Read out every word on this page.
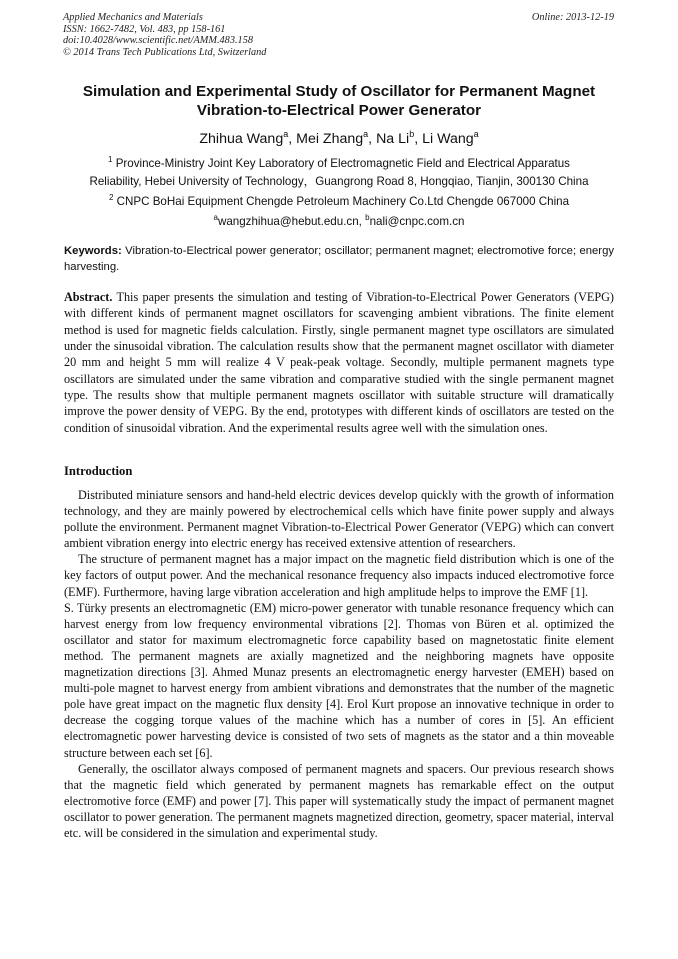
Applied Mechanics and Materials
ISSN: 1662-7482, Vol. 483, pp 158-161
doi:10.4028/www.scientific.net/AMM.483.158
© 2014 Trans Tech Publications Ltd, Switzerland
Online: 2013-12-19
Simulation and Experimental Study of Oscillator for Permanent Magnet
Vibration-to-Electrical Power Generator
Zhihua Wang$^a$, Mei Zhang$^a$, Na Li$^b$, Li Wang$^a$
$^1$ Province-Ministry Joint Key Laboratory of Electromagnetic Field and Electrical Apparatus
Reliability, Hebei University of Technology，Guangrong Road 8, Hongqiao, Tianjin, 300130 China
$^2$ CNPC BoHai Equipment Chengde Petroleum Machinery Co.Ltd Chengde 067000 China
$^a$wangzhihua@hebut.edu.cn, $^b$nali@cnpc.com.cn
Keywords: Vibration-to-Electrical power generator; oscillator; permanent magnet; electromotive force; energy harvesting.
Abstract. This paper presents the simulation and testing of Vibration-to-Electrical Power Generators (VEPG) with different kinds of permanent magnet oscillators for scavenging ambient vibrations. The finite element method is used for magnetic fields calculation. Firstly, single permanent magnet type oscillators are simulated under the sinusoidal vibration. The calculation results show that the permanent magnet oscillator with diameter 20 mm and height 5 mm will realize 4 V peak-peak voltage. Secondly, multiple permanent magnets type oscillators are simulated under the same vibration and comparative studied with the single permanent magnet type. The results show that multiple permanent magnets oscillator with suitable structure will dramatically improve the power density of VEPG. By the end, prototypes with different kinds of oscillators are tested on the condition of sinusoidal vibration. And the experimental results agree well with the simulation ones.
Introduction

Distributed miniature sensors and hand-held electric devices develop quickly with the growth of information technology, and they are mainly powered by electrochemical cells which have finite power supply and always pollute the environment. Permanent magnet Vibration-to-Electrical Power Generator (VEPG) which can convert ambient vibration energy into electric energy has received extensive attention of researchers.

The structure of permanent magnet has a major impact on the magnetic field distribution which is one of the key factors of output power. And the mechanical resonance frequency also impacts induced electromotive force (EMF). Furthermore, having large vibration acceleration and high amplitude helps to improve the EMF [1].

S. Türky presents an electromagnetic (EM) micro-power generator with tunable resonance frequency which can harvest energy from low frequency environmental vibrations [2]. Thomas von Büren et al. optimized the oscillator and stator for maximum electromagnetic force capability based on magnetostatic finite element method. The permanent magnets are axially magnetized and the neighboring magnets have opposite magnetization directions [3]. Ahmed Munaz presents an electromagnetic energy harvester (EMEH) based on multi-pole magnet to harvest energy from ambient vibrations and demonstrates that the number of the magnetic pole have great impact on the magnetic flux density [4]. Erol Kurt propose an innovative technique in order to decrease the cogging torque values of the machine which has a number of cores in [5]. An efficient electromagnetic power harvesting device is consisted of two sets of magnets as the stator and a thin moveable structure between each set [6].

Generally, the oscillator always composed of permanent magnets and spacers. Our previous research shows that the magnetic field which generated by permanent magnets has remarkable effect on the output electromotive force (EMF) and power [7]. This paper will systematically study the impact of permanent magnet oscillator to power generation. The permanent magnets magnetized direction, geometry, spacer material, interval etc. will be considered in the simulation and experimental study.
